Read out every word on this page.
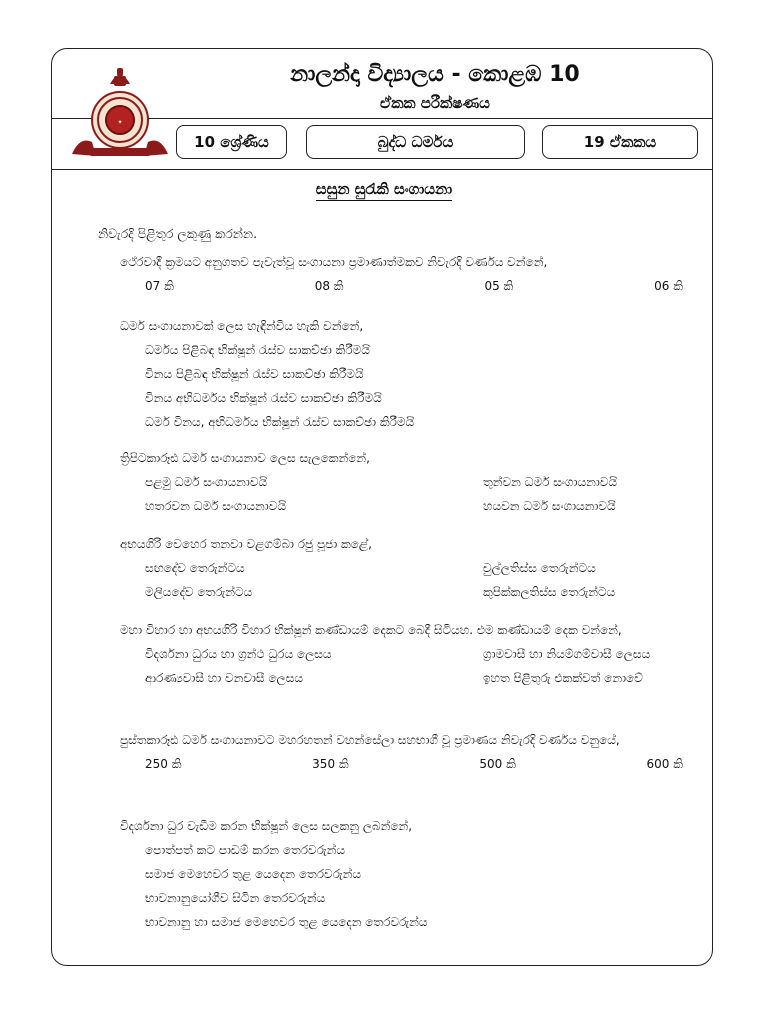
✦
නාලන්දා විද්‍යාලය - කොළඹ 10
ඒකක පරීක්ෂණය
10 ශ්‍රේණිය	බුද්ධ ධර්මය	19 ඒකකය
සසුන සුරැකි සංගායනා
නිවැරදි පිළිතුර ලකුණු කරන්න.
ථේරවාදී ක්‍රමයට අනුගතව පැවැත්වූ සංගායනා ප්‍රමාණාත්මකව නිවැරදි වර්ණය වන්නේ,
07 කි	08 කි	05 කි	06 කි
ධර්ම සංගායනාවක් ලෙස හැඳින්විය හැකි වන්නේ,
ධර්මය පිළිබඳ භික්ෂූන් රැස්ව සාකච්ඡා කිරීමයි
විනය පිළිබඳ භික්ෂූන් රැස්ව සාකච්ඡා කිරීමයි
විනය අභිධර්මය භික්ෂූන් රැස්ව සාකච්ඡා කිරීමයි
ධර්ම විනය, අභිධර්මය භික්ෂූන් රැස්ව සාකච්ඡා කිරීමයි
ත්‍රිපිටකාරූඪ ධර්ම සංගායනාව ලෙස සැලකෙන්නේ,
පළමු ධර්ම සංගායනාවයි	තුන්වන ධර්ම සංගායනාවයි
හතරවන ධර්ම සංගායනාවයි	හයවන ධර්ම සංගායනාවයි
අභයගිරි වෙහෙර තනවා වළගම්බා රජු පූජා කළේ,
සඟදේව තෙරුන්ටය	චුල්ලතිස්ස තෙරුන්ටය
මලියදේව තෙරුන්ටය	කුපික්කලතිස්ස තෙරුන්ටය
මහා විහාර හා අභයගිරි විහාර භික්ෂූන් කණ්ඩායම් දෙකට බෙදී සිටියහ. එම කණ්ඩායම් දෙක වන්නේ,
විදර්ශනා ධුරය හා ග්‍රන්ථ ධුරය ලෙසය	ග්‍රාමවාසී හා නියම්ගම්වාසී ලෙසය
ආරණ්‍යවාසී හා වනවාසී ලෙසය	ඉහත පිළිතුරු එකක්වත් නොවේ
පුස්තකාරූඪ ධර්ම සංගායනාවට මහරහතන් වහන්සේලා සහභාගී වූ ප්‍රමාණය නිවැරදි වර්ණය වනුයේ,
250 කි	350 කි	500 කි	600 කි
විදර්ශනා ධුර වැඩීම කරන භික්ෂූන් ලෙස සලකනු ලබන්නේ,
පොත්පත් කට පාඩම් කරන තෙරවරුන්ය
සමාජ මෙහෙවර තුළ යෙදෙන තෙරවරුන්ය
භාවනානුයෝගීව සිටින තෙරවරුන්ය
භාවනානු හා සමාජ මෙහෙවර තුළ යෙදෙන තෙරවරුන්ය
